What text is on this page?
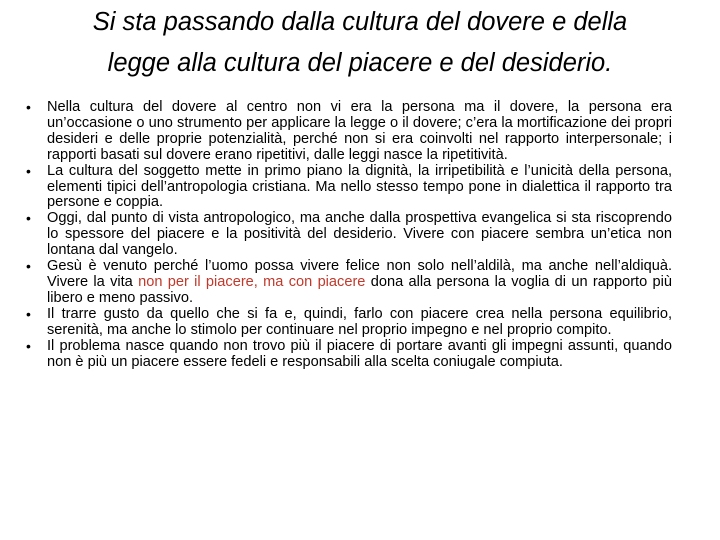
Si sta passando dalla cultura del dovere e della
legge alla cultura del piacere e del desiderio.
•	Nella cultura del dovere al centro non vi era la persona ma il dovere, la persona era un’occasione o uno strumento per applicare la legge o il dovere; c’era la mortificazione dei propri desideri e delle proprie potenzialità, perché non si era coinvolti nel rapporto interpersonale; i rapporti basati sul dovere erano ripetitivi, dalle leggi nasce la ripetitività.
•	La cultura del soggetto mette in primo piano la dignità, la irripetibilità e l’unicità della persona, elementi tipici dell’antropologia cristiana. Ma nello stesso tempo pone in dialettica il rapporto tra persone e coppia.
•	Oggi, dal punto di vista antropologico, ma anche dalla prospettiva evangelica si sta riscoprendo lo spessore del piacere e la positività del desiderio. Vivere con piacere sembra un’etica non lontana dal vangelo.
•	Gesù è venuto perché l’uomo possa vivere felice non solo nell’aldilà, ma anche nell’aldiquà. Vivere la vita non per il piacere, ma con piacere dona alla persona la voglia di un rapporto più libero e meno passivo.
•	Il trarre gusto da quello che si fa e, quindi, farlo con piacere crea nella persona equilibrio, serenità, ma anche lo stimolo per continuare nel proprio impegno e nel proprio compito.
•	Il problema nasce quando non trovo più il piacere di portare avanti gli impegni assunti, quando non è più un piacere essere fedeli e responsabili alla scelta coniugale compiuta.
